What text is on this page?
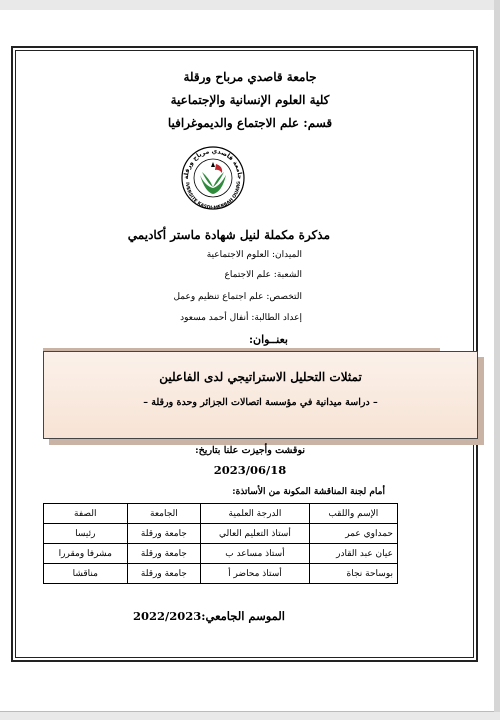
جامعة قاصدي مرباح ورقلة
كلية العلوم الإنسانية والإجتماعية
قسم: علم الاجتماع والديموغرافيا
جامعة قاصدي مرباح ورقلة
IVERSITE KASDI-MERBAH OUARG
مذكرة مكملة لنيل شهادة ماستر أكاديمي
الميدان: العلوم الاجتماعية
الشعبة: علم الاجتماع
التخصص: علم اجتماع تنظيم وعمل
إعداد الطالبة: أنفال أحمد مسعود
بعنــوان:
تمثلات التحليل الاستراتيجي لدى الفاعلين
– دراسة ميدانية في مؤسسة اتصالات الجزائر وحدة ورقلة –
نوقشت وأجيزت علنا بتاريخ:
2023/06/18
أمام لجنة المناقشة المكونة من الأساتذة:
الإسم واللقب	الدرجة العلمية	الجامعة	الصفة
حمداوي عمر	أستاذ التعليم العالي	جامعة ورقلة	رئيسا
عيان عبد القادر	أستاذ مساعد ب	جامعة ورقلة	مشرفا ومقررا
بوساحة نجاة	أستاذ محاضر أ	جامعة ورقلة	مناقشا
الموسم الجامعي:2022/2023
